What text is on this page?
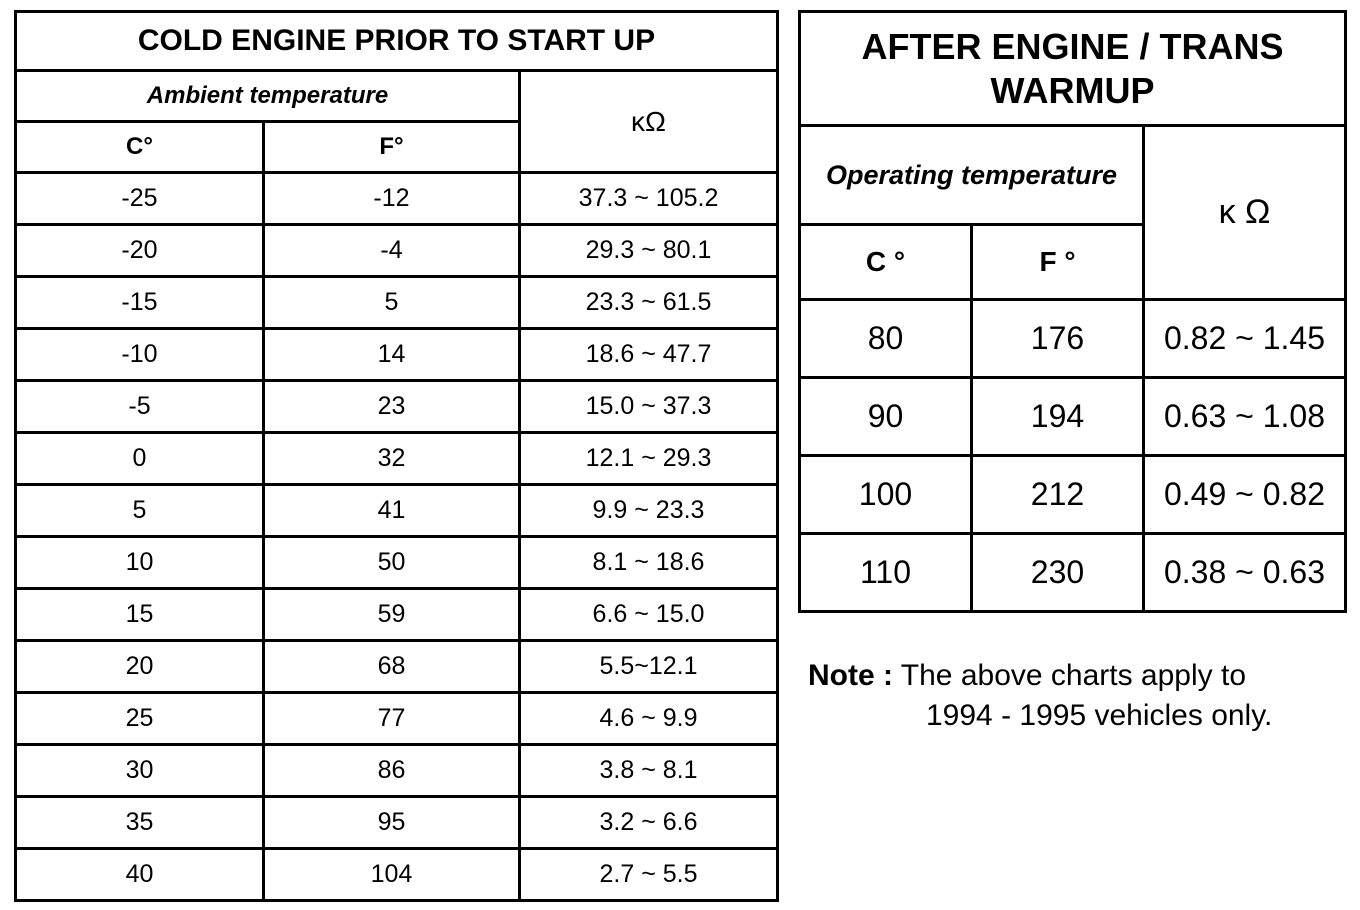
COLD ENGINE PRIOR TO START UP		
Ambient temperature		κΩ
C°	F°	
-25	-12	37.3 ~ 105.2
-20	-4	29.3 ~ 80.1
-15	5	23.3 ~ 61.5
-10	14	18.6 ~ 47.7
-5	23	15.0 ~ 37.3
0	32	12.1 ~ 29.3
5	41	9.9 ~ 23.3
10	50	8.1 ~ 18.6
15	59	6.6 ~ 15.0
20	68	5.5~12.1
25	77	4.6 ~ 9.9
30	86	3.8 ~ 8.1
35	95	3.2 ~ 6.6
40	104	2.7 ~ 5.5
AFTER ENGINE / TRANS
WARMUP		
Operating temperature		κ Ω
C °	F °	
80	176	0.82 ~ 1.45
90	194	0.63 ~ 1.08
100	212	0.49 ~ 0.82
110	230	0.38 ~ 0.63
Note : The above charts apply to
1994 - 1995 vehicles only.
